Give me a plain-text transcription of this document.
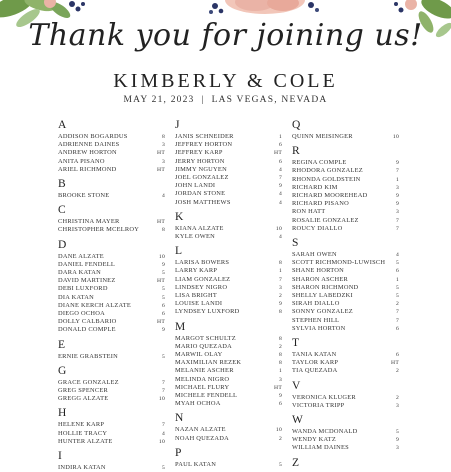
Thank you for joining us!
KIMBERLY & COLE
MAY 21, 2023 | LAS VEGAS, NEVADA
A
ADDISON BOGARDUS	8
ADRIENNE DAINES	3
ANDREW HORTON	HT
ANITA PISANO	3
ARIEL RICHMOND	HT
B
BROOKE STONE	4
C
CHRISTINA MAYER	HT
CHRISTOPHER MCELROY	8
D
DANE ALZATE	10
DANIEL FENDELL	9
DARA KATAN	5
DAVID MARTINEZ	HT
DEBI LUXFORD	5
DIA KATAN	5
DIANE KERCH ALZATE	6
DIEGO OCHOA	6
DOLLY CALBARIO	HT
DONALD COMPLE	9
E
ERNIE GRABSTEIN	5
G
GRACE GONZALEZ	7
GREG SPENCER	7
GREGG ALZATE	10
H
HELENE KARP	7
HOLLIE TRACY	4
HUNTER ALZATE	10
I
INDIRA KATAN	5
J
JANIS SCHNEIDER	1
JEFFREY HORTON	6
JEFFREY KARP	HT
JERRY HORTON	6
JIMMY NGUYEN	4
JOEL GONZALEZ	7
JOHN LANDI	9
JORDAN STONE	4
JOSH MATTHEWS	4
K
KIANA ALZATE	10
KYLE OWEN	4
L
LARISA BOWERS	8
LARRY KARP	1
LIAM GONZALEZ	7
LINDSEY NIGRO	3
LISA BRIGHT	2
LOUISE LANDI	9
LYNDSEY LUXFORD	8
M
MARGOT SCHULTZ	8
MARIO QUEZADA	2
MARWIL OLAY	8
MAXIMILIAN REZEK	8
MELANIE ASCHER	1
MELINDA NIGRO	3
MICHAEL FLURY	HT
MICHELE FENDELL	9
MYAH OCHOA	6
N
NAZAN ALZATE	10
NOAH QUEZADA	2
P
PAUL KATAN	5
Q
QUINN MEISINGER	10
R
REGINA COMPLE	9
RHODORA GONZALEZ	7
RHONDA GOLDSTEIN	1
RICHARD KIM	3
RICHARD MOOREHEAD	9
RICHARD PISANO	9
RON HATT	3
ROSALIE GONZALEZ	7
ROUCY DIALLO	7
S
SARAH OWEN	4
SCOTT RICHMOND-LUWISCH	5
SHANE HORTON	6
SHARON ASCHER	1
SHARON RICHMOND	5
SHELLY LABEDZKI	5
SIRAH DIALLO	2
SONNY GONZALEZ	7
STEPHEN HILL	7
SYLVIA HORTON	6
T
TANIA KATAN	6
TAYLOR KARP	HT
TIA QUEZADA	2
V
VERONICA KLUGER	2
VICTORIA TRIPP	3
W
WANDA MCDONALD	5
WENDY KATZ	9
WILLIAM DAINES	3
Z
